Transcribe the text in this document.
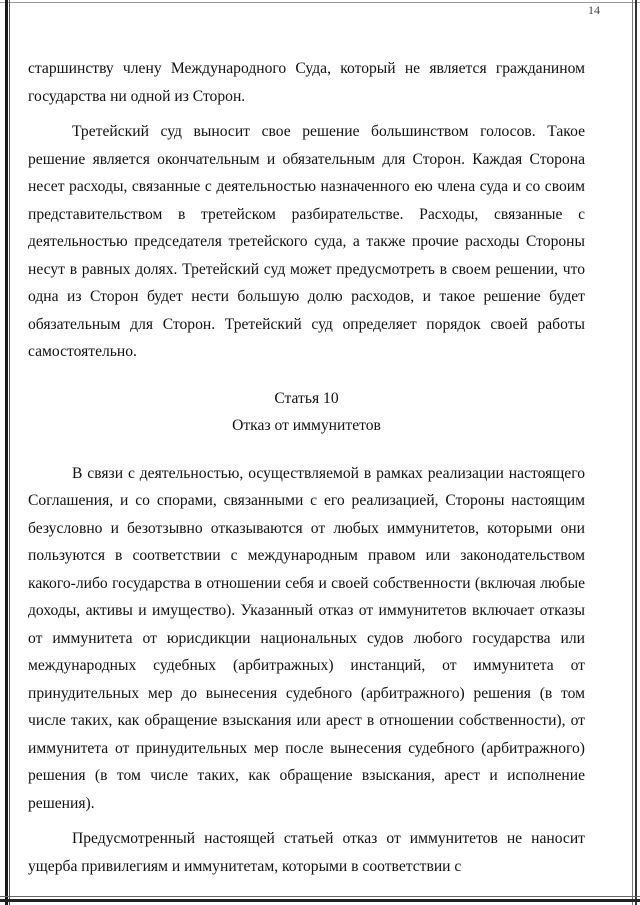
14

старшинству члену Международного Суда, который не является гражданином государства ни одной из Сторон.

Третейский суд выносит свое решение большинством голосов. Такое решение является окончательным и обязательным для Сторон. Каждая Сторона несет расходы, связанные с деятельностью назначенного ею члена суда и со своим представительством в третейском разбирательстве. Расходы, связанные с деятельностью председателя третейского суда, а также прочие расходы Стороны несут в равных долях. Третейский суд может предусмотреть в своем решении, что одна из Сторон будет нести большую долю расходов, и такое решение будет обязательным для Сторон. Третейский суд определяет порядок своей работы самостоятельно.

Статья 10

Отказ от иммунитетов

В связи с деятельностью, осуществляемой в рамках реализации настоящего Соглашения, и со спорами, связанными с его реализацией, Стороны настоящим безусловно и безотзывно отказываются от любых иммунитетов, которыми они пользуются в соответствии с международным правом или законодательством какого-либо государства в отношении себя и своей собственности (включая любые доходы, активы и имущество). Указанный отказ от иммунитетов включает отказы от иммунитета от юрисдикции национальных судов любого государства или международных судебных (арбитражных) инстанций, от иммунитета от принудительных мер до вынесения судебного (арбитражного) решения (в том числе таких, как обращение взыскания или арест в отношении собственности), от иммунитета от принудительных мер после вынесения судебного (арбитражного) решения (в том числе таких, как обращение взыскания, арест и исполнение решения).

Предусмотренный настоящей статьей отказ от иммунитетов не наносит ущерба привилегиям и иммунитетам, которыми в соответствии с
